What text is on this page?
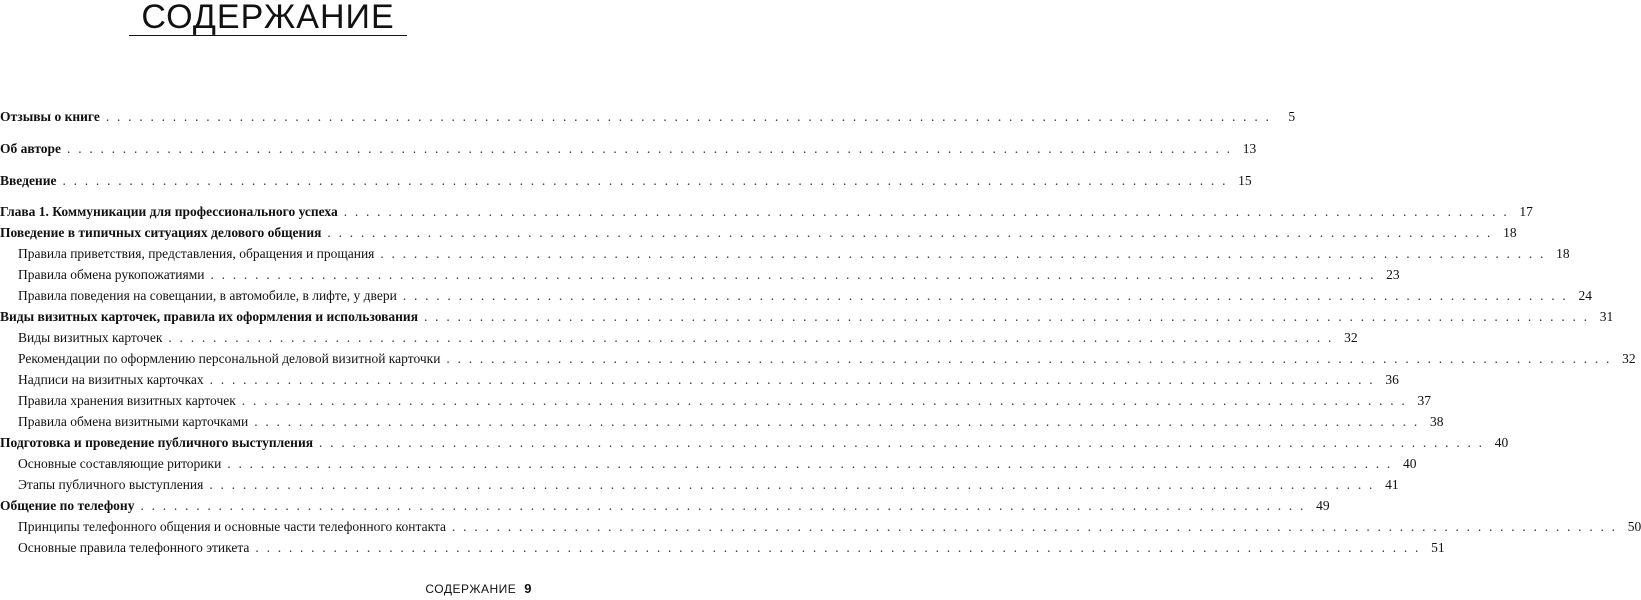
СОДЕРЖАНИЕ
Отзывы о книге . . . . . . . . . . . . . . . . . . . . . . . . . . . . . . . . . . . . . . . . . . . . . . . . . . . . . . . . . . . . . . . . . . . . . . . . . . . . . . . . . . . . . . . . . . . . . . . . . . . . . . . . .	5
Об авторе . . . . . . . . . . . . . . . . . . . . . . . . . . . . . . . . . . . . . . . . . . . . . . . . . . . . . . . . . . . . . . . . . . . . . . . . . . . . . . . . . . . . . . . . . . . . . . . . . . . . . . . . . 13
Введение . . . . . . . . . . . . . . . . . . . . . . . . . . . . . . . . . . . . . . . . . . . . . . . . . . . . . . . . . . . . . . . . . . . . . . . . . . . . . . . . . . . . . . . . . . . . . . . . . . . . . . . . . 15
Глава 1. Коммуникации для профессионального успеха . . . . . . . . . . . . . . . . . . . . . . . . . . . . . . . . . . . . . . . . . . . . . . . . . . . . . . . . . . . . . . . . . . . . . . . . . . . . . . . . . . . . . . . . . . . . . . . . . . . . . . . . . 17
Поведение в типичных ситуациях делового общения . . . . . . . . . . . . . . . . . . . . . . . . . . . . . . . . . . . . . . . . . . . . . . . . . . . . . . . . . . . . . . . . . . . . . . . . . . . . . . . . . . . . . . . . . . . . . . . . . . . . . . . . . 18
Правила приветствия, представления, обращения и прощания . . . . . . . . . . . . . . . . . . . . . . . . . . . . . . . . . . . . . . . . . . . . . . . . . . . . . . . . . . . . . . . . . . . . . . . . . . . . . . . . . . . . . . . . . . . . . . . . . . . . . . . . . 18
Правила обмена рукопожатиями . . . . . . . . . . . . . . . . . . . . . . . . . . . . . . . . . . . . . . . . . . . . . . . . . . . . . . . . . . . . . . . . . . . . . . . . . . . . . . . . . . . . . . . . . . . . . . . . . . . . . . . . . 23
Правила поведения на совещании, в автомобиле, в лифте, у двери . . . . . . . . . . . . . . . . . . . . . . . . . . . . . . . . . . . . . . . . . . . . . . . . . . . . . . . . . . . . . . . . . . . . . . . . . . . . . . . . . . . . . . . . . . . . . . . . . . . . . . . . . 24
Виды визитных карточек, правила их оформления и использования . . . . . . . . . . . . . . . . . . . . . . . . . . . . . . . . . . . . . . . . . . . . . . . . . . . . . . . . . . . . . . . . . . . . . . . . . . . . . . . . . . . . . . . . . . . . . . . . . . . . . . . . . 31
Виды визитных карточек . . . . . . . . . . . . . . . . . . . . . . . . . . . . . . . . . . . . . . . . . . . . . . . . . . . . . . . . . . . . . . . . . . . . . . . . . . . . . . . . . . . . . . . . . . . . . . . . . . . . . . . . . 32
Рекомендации по оформлению персональной деловой визитной карточки . . . . . . . . . . . . . . . . . . . . . . . . . . . . . . . . . . . . . . . . . . . . . . . . . . . . . . . . . . . . . . . . . . . . . . . . . . . . . . . . . . . . . . . . . . . . . . . . . . . . . . . . . 32
Надписи на визитных карточках . . . . . . . . . . . . . . . . . . . . . . . . . . . . . . . . . . . . . . . . . . . . . . . . . . . . . . . . . . . . . . . . . . . . . . . . . . . . . . . . . . . . . . . . . . . . . . . . . . . . . . . . . 36
Правила хранения визитных карточек . . . . . . . . . . . . . . . . . . . . . . . . . . . . . . . . . . . . . . . . . . . . . . . . . . . . . . . . . . . . . . . . . . . . . . . . . . . . . . . . . . . . . . . . . . . . . . . . . . . . . . . . . 37
Правила обмена визитными карточками . . . . . . . . . . . . . . . . . . . . . . . . . . . . . . . . . . . . . . . . . . . . . . . . . . . . . . . . . . . . . . . . . . . . . . . . . . . . . . . . . . . . . . . . . . . . . . . . . . . . . . . . . 38
Подготовка и проведение публичного выступления . . . . . . . . . . . . . . . . . . . . . . . . . . . . . . . . . . . . . . . . . . . . . . . . . . . . . . . . . . . . . . . . . . . . . . . . . . . . . . . . . . . . . . . . . . . . . . . . . . . . . . . . . 40
Основные составляющие риторики . . . . . . . . . . . . . . . . . . . . . . . . . . . . . . . . . . . . . . . . . . . . . . . . . . . . . . . . . . . . . . . . . . . . . . . . . . . . . . . . . . . . . . . . . . . . . . . . . . . . . . . . . 40
Этапы публичного выступления . . . . . . . . . . . . . . . . . . . . . . . . . . . . . . . . . . . . . . . . . . . . . . . . . . . . . . . . . . . . . . . . . . . . . . . . . . . . . . . . . . . . . . . . . . . . . . . . . . . . . . . . . 41
Общение по телефону . . . . . . . . . . . . . . . . . . . . . . . . . . . . . . . . . . . . . . . . . . . . . . . . . . . . . . . . . . . . . . . . . . . . . . . . . . . . . . . . . . . . . . . . . . . . . . . . . . . . . . . . . 49
Принципы телефонного общения и основные части телефонного контакта . . . . . . . . . . . . . . . . . . . . . . . . . . . . . . . . . . . . . . . . . . . . . . . . . . . . . . . . . . . . . . . . . . . . . . . . . . . . . . . . . . . . . . . . . . . . . . . . . . . . . . . . . 50
Основные правила телефонного этикета . . . . . . . . . . . . . . . . . . . . . . . . . . . . . . . . . . . . . . . . . . . . . . . . . . . . . . . . . . . . . . . . . . . . . . . . . . . . . . . . . . . . . . . . . . . . . . . . . . . . . . . . . 51
СОДЕРЖАНИЕ 9
